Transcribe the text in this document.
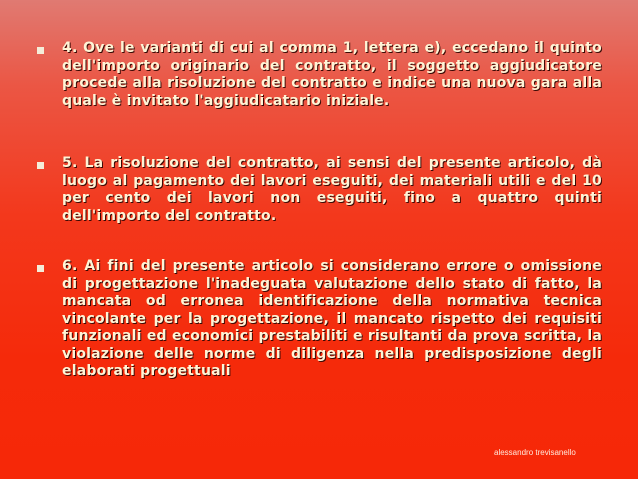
4. Ove le varianti di cui al comma 1, lettera e), eccedano il quinto dell'importo originario del contratto, il soggetto aggiudicatore procede alla risoluzione del contratto e indice una nuova gara alla quale è invitato l'aggiudicatario iniziale.

5. La risoluzione del contratto, ai sensi del presente articolo, dà luogo al pagamento dei lavori eseguiti, dei materiali utili e del 10 per cento dei lavori non eseguiti, fino a quattro quinti dell'importo del contratto.

6. Ai fini del presente articolo si considerano errore o omissione di progettazione l'inadeguata valutazione dello stato di fatto, la mancata od erronea identificazione della normativa tecnica vincolante per la progettazione, il mancato rispetto dei requisiti funzionali ed economici prestabiliti e risultanti da prova scritta, la violazione delle norme di diligenza nella predisposizione degli elaborati progettuali

alessandro trevisanello
